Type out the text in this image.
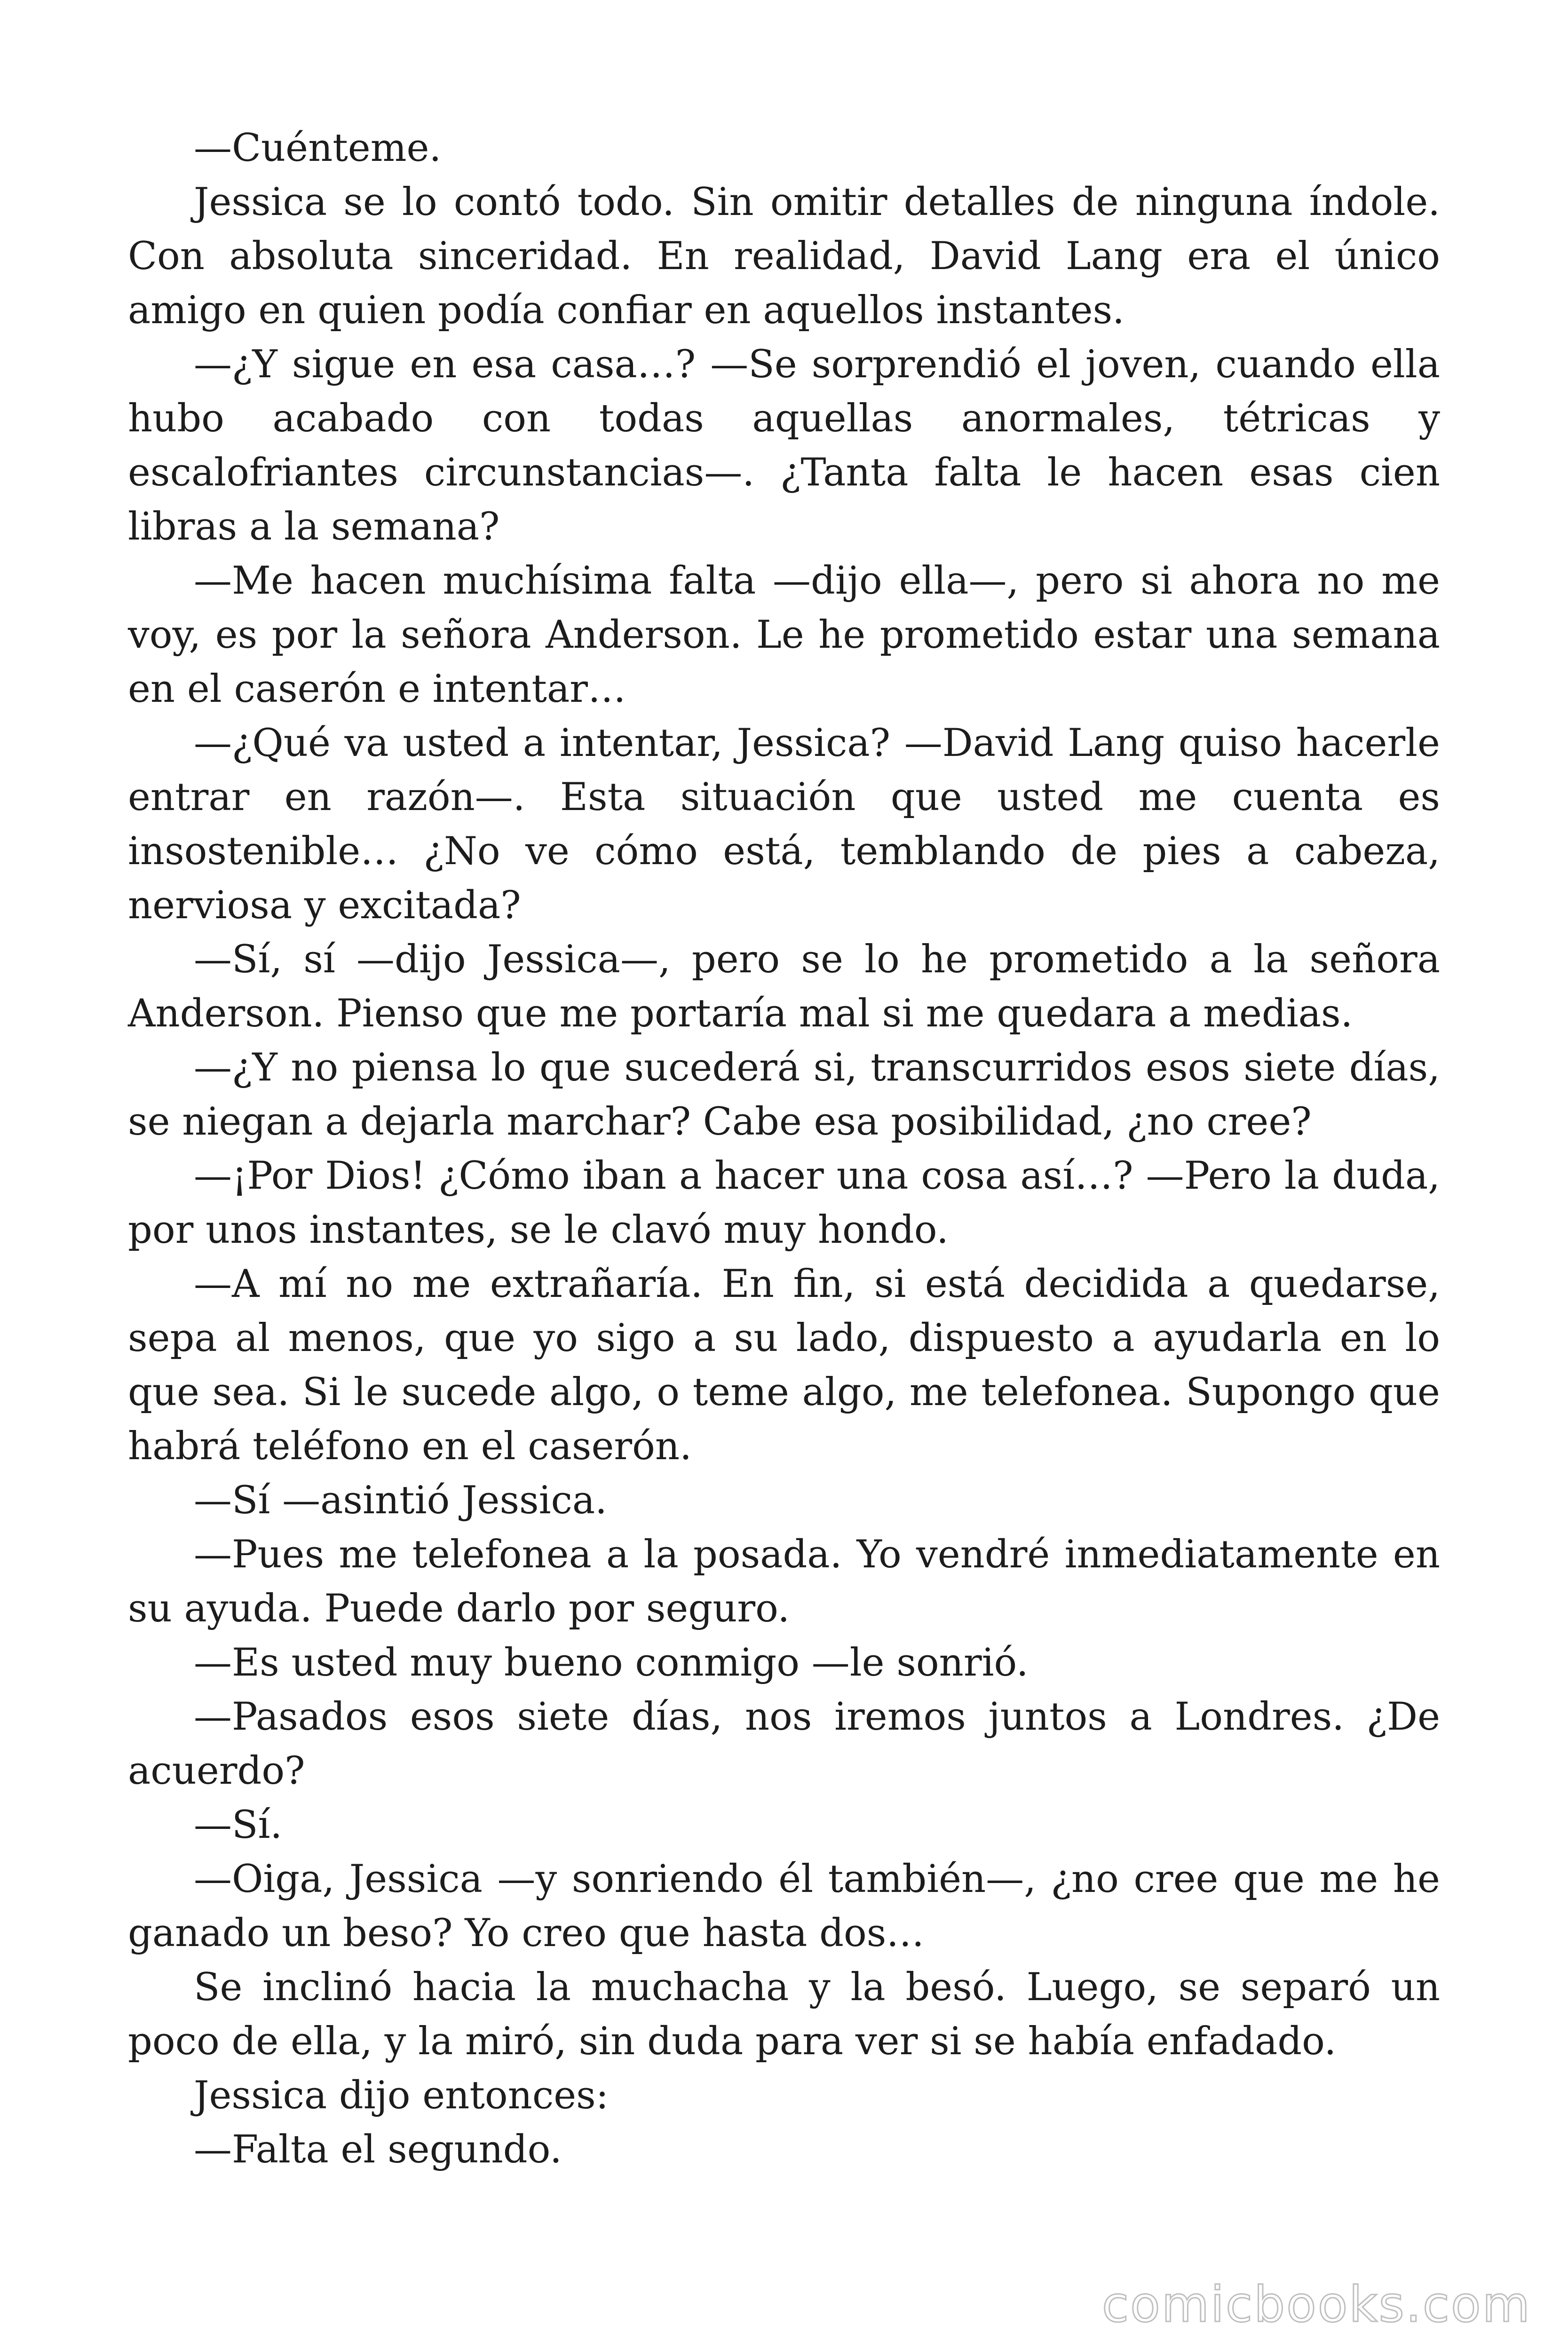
—Cuénteme.

Jessica se lo contó todo. Sin omitir detalles de ninguna índole. Con absoluta sinceridad. En realidad, David Lang era el único amigo en quien podía confiar en aquellos instantes.

—¿Y sigue en esa casa…? —Se sorprendió el joven, cuando ella hubo acabado con todas aquellas anormales, tétricas y escalofriantes circunstancias—. ¿Tanta falta le hacen esas cien libras a la semana?

—Me hacen muchísima falta —dijo ella—, pero si ahora no me voy, es por la señora Anderson. Le he prometido estar una semana en el caserón e intentar…

—¿Qué va usted a intentar, Jessica? —David Lang quiso hacerle entrar en razón—. Esta situación que usted me cuenta es insostenible… ¿No ve cómo está, temblando de pies a cabeza, nerviosa y excitada?

—Sí, sí —dijo Jessica—, pero se lo he prometido a la señora Anderson. Pienso que me portaría mal si me quedara a medias.

—¿Y no piensa lo que sucederá si, transcurridos esos siete días, se niegan a dejarla marchar? Cabe esa posibilidad, ¿no cree?

—¡Por Dios! ¿Cómo iban a hacer una cosa así…? —Pero la duda, por unos instantes, se le clavó muy hondo.

—A mí no me extrañaría. En fin, si está decidida a quedarse, sepa al menos, que yo sigo a su lado, dispuesto a ayudarla en lo que sea. Si le sucede algo, o teme algo, me telefonea. Supongo que habrá teléfono en el caserón.

—Sí —asintió Jessica.

—Pues me telefonea a la posada. Yo vendré inmediatamente en su ayuda. Puede darlo por seguro.

—Es usted muy bueno conmigo —le sonrió.

—Pasados esos siete días, nos iremos juntos a Londres. ¿De acuerdo?

—Sí.

—Oiga, Jessica —y sonriendo él también—, ¿no cree que me he ganado un beso? Yo creo que hasta dos…

Se inclinó hacia la muchacha y la besó. Luego, se separó un poco de ella, y la miró, sin duda para ver si se había enfadado.

Jessica dijo entonces:

—Falta el segundo.

comicbooks.com
